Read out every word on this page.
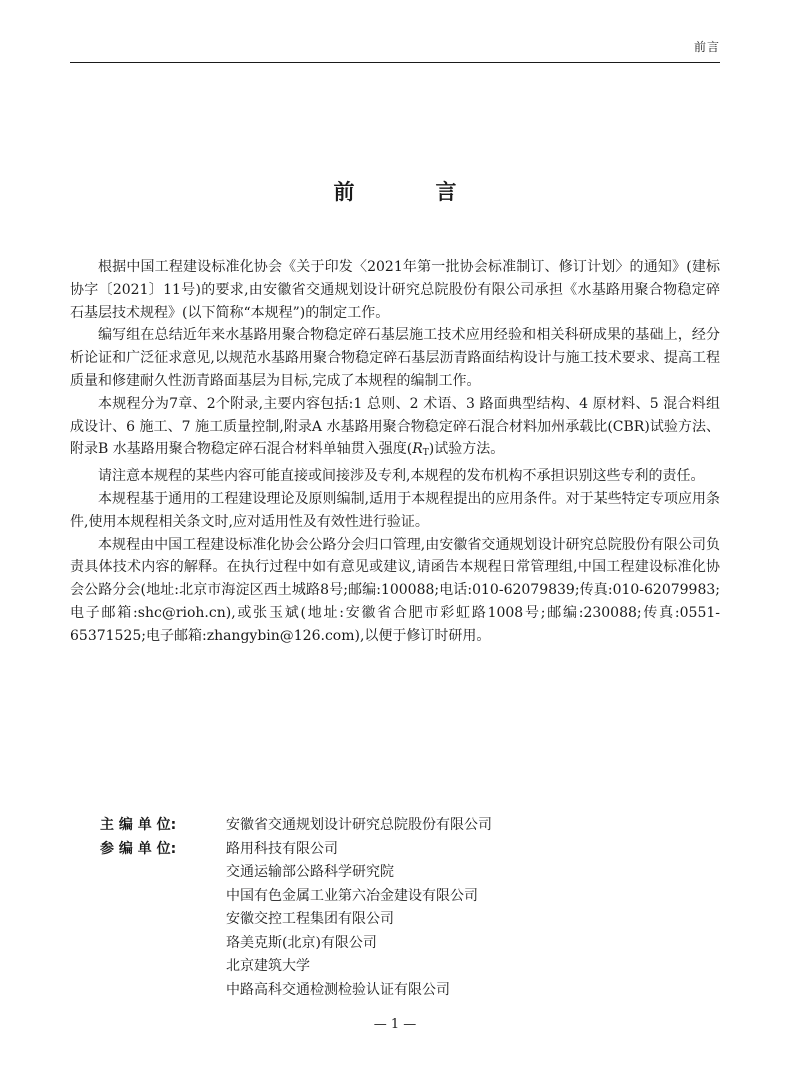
前言
前　言

根据中国工程建设标准化协会《关于印发〈2021年第一批协会标准制订、修订计划〉的通知》(建标协字〔2021〕11号)的要求,由安徽省交通规划设计研究总院股份有限公司承担《水基路用聚合物稳定碎石基层技术规程》(以下简称“本规程”)的制定工作。

编写组在总结近年来水基路用聚合物稳定碎石基层施工技术应用经验和相关科研成果的基础上，经分析论证和广泛征求意见,以规范水基路用聚合物稳定碎石基层沥青路面结构设计与施工技术要求、提高工程质量和修建耐久性沥青路面基层为目标,完成了本规程的编制工作。

本规程分为7章、2个附录,主要内容包括:1 总则、2 术语、3 路面典型结构、4 原材料、5 混合料组成设计、6 施工、7 施工质量控制,附录A 水基路用聚合物稳定碎石混合材料加州承载比(CBR)试验方法、附录B 水基路用聚合物稳定碎石混合材料单轴贯入强度$(R_T)$试验方法。

请注意本规程的某些内容可能直接或间接涉及专利,本规程的发布机构不承担识别这些专利的责任。

本规程基于通用的工程建设理论及原则编制,适用于本规程提出的应用条件。对于某些特定专项应用条件,使用本规程相关条文时,应对适用性及有效性进行验证。

本规程由中国工程建设标准化协会公路分会归口管理,由安徽省交通规划设计研究总院股份有限公司负责具体技术内容的解释。在执行过程中如有意见或建议,请函告本规程日常管理组,中国工程建设标准化协会公路分会(地址:北京市海淀区西土城路8号;邮编:100088;电话:010-62079839;传真:010-62079983;电子邮箱:shc@rioh.cn),或张玉斌(地址:安徽省合肥市彩虹路1008号;邮编:230088;传真:0551-65371525;电子邮箱:zhangybin@126.com),以便于修订时研用。

主 编 单 位:	安徽省交通规划设计研究总院股份有限公司
参 编 单 位:	路用科技有限公司
交通运输部公路科学研究院
中国有色金属工业第六冶金建设有限公司
安徽交控工程集团有限公司
珞美克斯(北京)有限公司
北京建筑大学
中路高科交通检测检验认证有限公司
— 1 —
